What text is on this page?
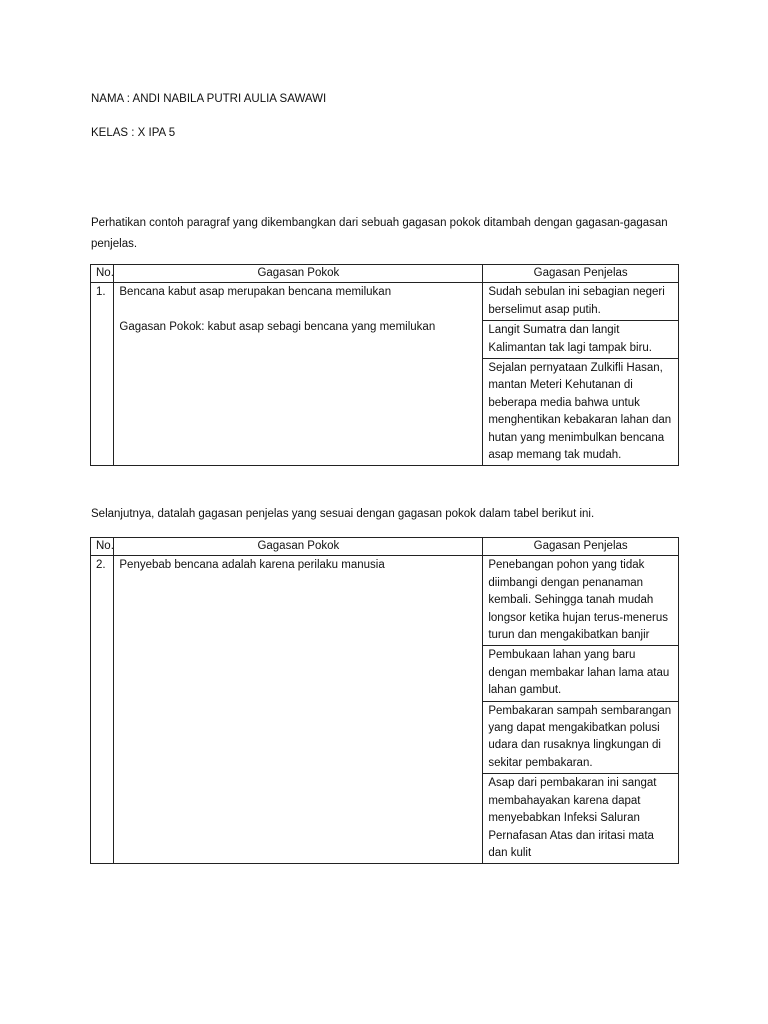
NAMA : ANDI NABILA PUTRI AULIA SAWAWI
KELAS : X IPA 5
Perhatikan contoh paragraf yang dikembangkan dari sebuah gagasan pokok ditambah dengan gagasan-gagasan penjelas.
No.	Gagasan Pokok	Gagasan Penjelas
1.	Bencana kabut asap merupakan bencana memilukan
Gagasan Pokok: kabut asap sebagi bencana yang memilukan	Sudah sebulan ini sebagian negeri berselimut asap putih.
		Langit Sumatra dan langit Kalimantan tak lagi tampak biru.
		Sejalan pernyataan Zulkifli Hasan, mantan Meteri Kehutanan di beberapa media bahwa untuk menghentikan kebakaran lahan dan hutan yang menimbulkan bencana asap memang tak mudah.
Selanjutnya, datalah gagasan penjelas yang sesuai dengan gagasan pokok dalam tabel berikut ini.
No.	Gagasan Pokok	Gagasan Penjelas
2.	Penyebab bencana adalah karena perilaku manusia	Penebangan pohon yang tidak diimbangi dengan penanaman kembali. Sehingga tanah mudah longsor ketika hujan terus-menerus turun dan mengakibatkan banjir
		Pembukaan lahan yang baru dengan membakar lahan lama atau lahan gambut.
		Pembakaran sampah sembarangan yang dapat mengakibatkan polusi udara dan rusaknya lingkungan di sekitar pembakaran.
		Asap dari pembakaran ini sangat membahayakan karena dapat menyebabkan Infeksi Saluran Pernafasan Atas dan iritasi mata dan kulit
